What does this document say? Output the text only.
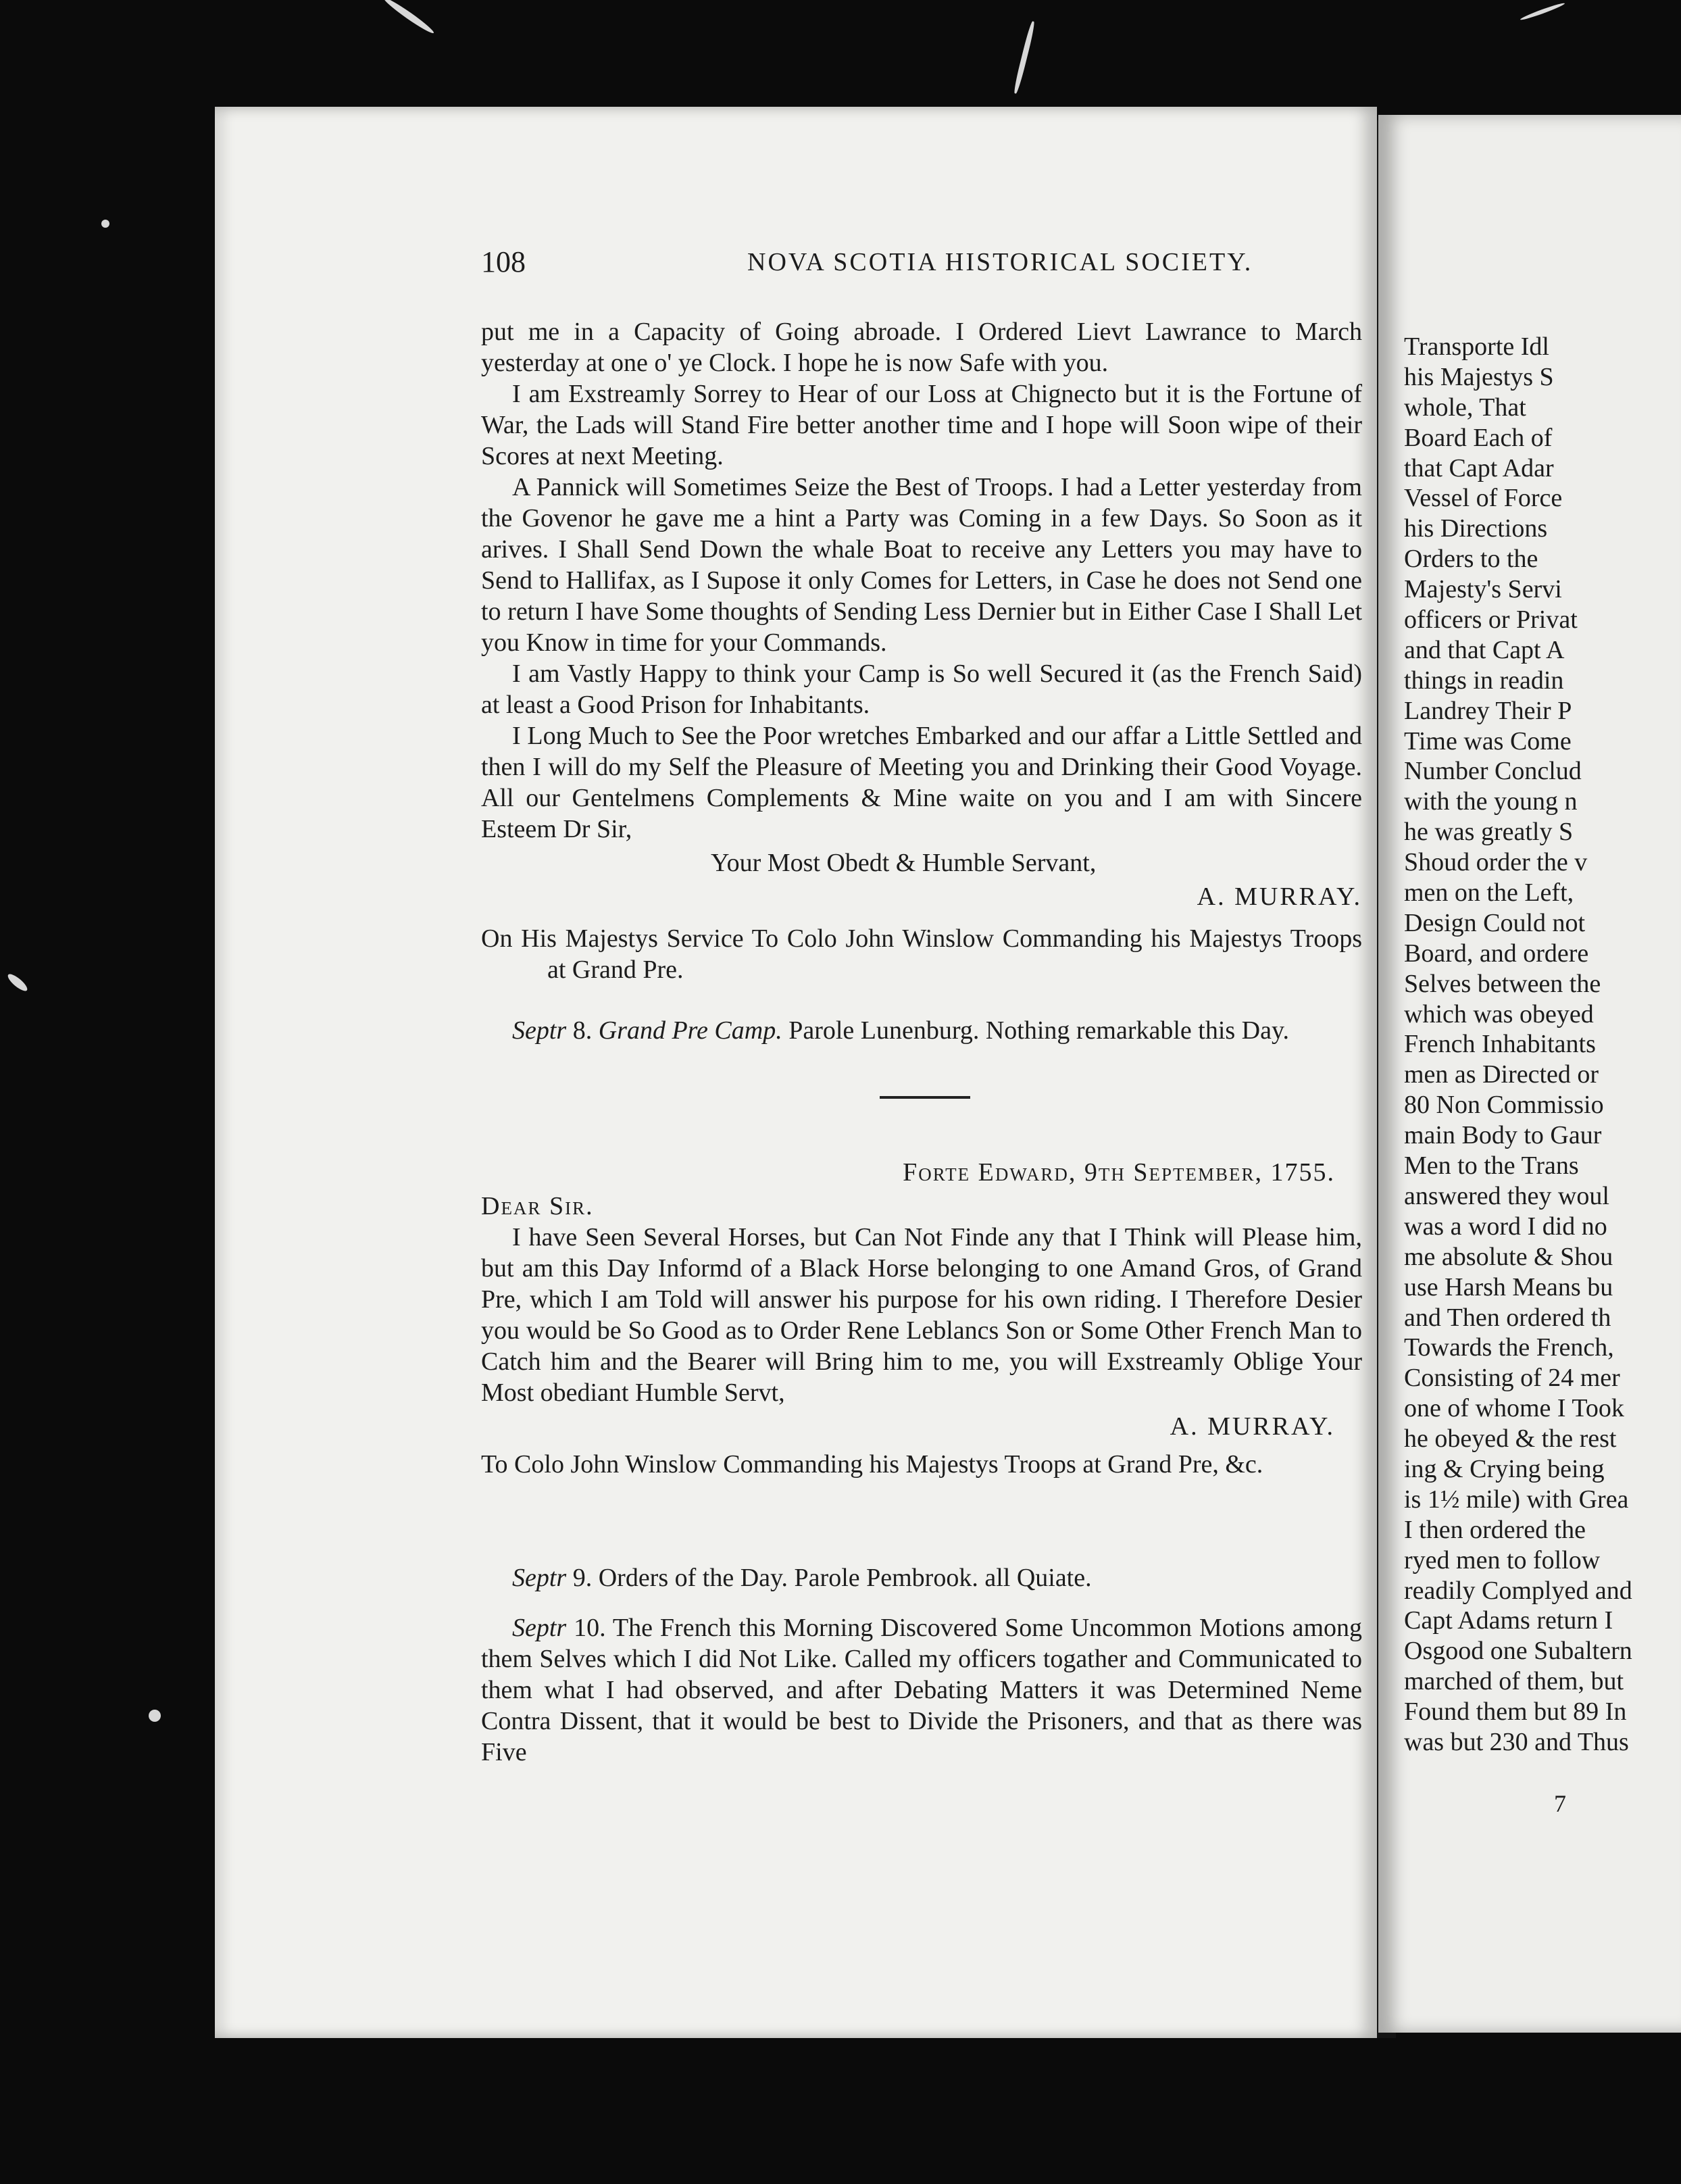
108	NOVA SCOTIA HISTORICAL SOCIETY.

put me in a Capacity of Going abroade. I Ordered Lievt Lawrance to March yesterday at one o' ye Clock. I hope he is now Safe with you.

I am Exstreamly Sorrey to Hear of our Loss at Chignecto but it is the Fortune of War, the Lads will Stand Fire better another time and I hope will Soon wipe of their Scores at next Meeting.

A Pannick will Sometimes Seize the Best of Troops. I had a Letter yesterday from the Govenor he gave me a hint a Party was Coming in a few Days. So Soon as it arives. I Shall Send Down the whale Boat to receive any Letters you may have to Send to Hallifax, as I Supose it only Comes for Letters, in Case he does not Send one to return I have Some thoughts of Sending Less Dernier but in Either Case I Shall Let you Know in time for your Commands.

I am Vastly Happy to think your Camp is So well Secured it (as the French Said) at least a Good Prison for Inhabitants.

I Long Much to See the Poor wretches Embarked and our affar a Little Settled and then I will do my Self the Pleasure of Meeting you and Drinking their Good Voyage. All our Gentelmens Complements & Mine waite on you and I am with Sincere Esteem Dr Sir,

Your Most Obedt & Humble Servant,

A. MURRAY.

On His Majestys Service To Colo John Winslow Commanding his Majestys Troops at Grand Pre.

Septr 8. Grand Pre Camp. Parole Lunenburg. Nothing remarkable this Day.

Forte Edward, 9th September, 1755.

Dear Sir.

I have Seen Several Horses, but Can Not Finde any that I Think will Please him, but am this Day Informd of a Black Horse belonging to one Amand Gros, of Grand Pre, which I am Told will answer his purpose for his own riding. I Therefore Desier you would be So Good as to Order Rene Leblancs Son or Some Other French Man to Catch him and the Bearer will Bring him to me, you will Exstreamly Oblige Your Most obediant Humble Servt,

A. MURRAY.

To Colo John Winslow Commanding his Majestys Troops at Grand Pre, &c.

Septr 9. Orders of the Day. Parole Pembrook. all Quiate.

Septr 10. The French this Morning Discovered Some Uncommon Motions among them Selves which I did Not Like. Called my officers togather and Communicated to them what I had observed, and after Debating Matters it was Determined Neme Contra Dissent, that it would be best to Divide the Prisoners, and that as there was Five

Transporte Idl
his Majestys S
whole, That
Board Each of
that Capt Adar
Vessel of Force
his Directions
Orders to the
Majesty's Servi
officers or Privat
and that Capt A
things in readin
Landrey Their P
Time was Come
Number Conclud
with the young n
he was greatly S
Shoud order the v
men on the Left,
Design Could not
Board, and ordere
Selves between the
which was obeyed
French Inhabitants
men as Directed or
80 Non Commissio
main Body to Gaur
Men to the Trans
answered they woul
was a word I did no
me absolute & Shou
use Harsh Means bu
and Then ordered th
Towards the French,
Consisting of 24 mer
one of whome I Took
he obeyed & the rest
ing & Crying being
is 1½ mile) with Grea
I then ordered the
ryed men to follow
readily Complyed and
Capt Adams return I
Osgood one Subaltern
marched of them, but
Found them but 89 In
was but 230 and Thus
7
